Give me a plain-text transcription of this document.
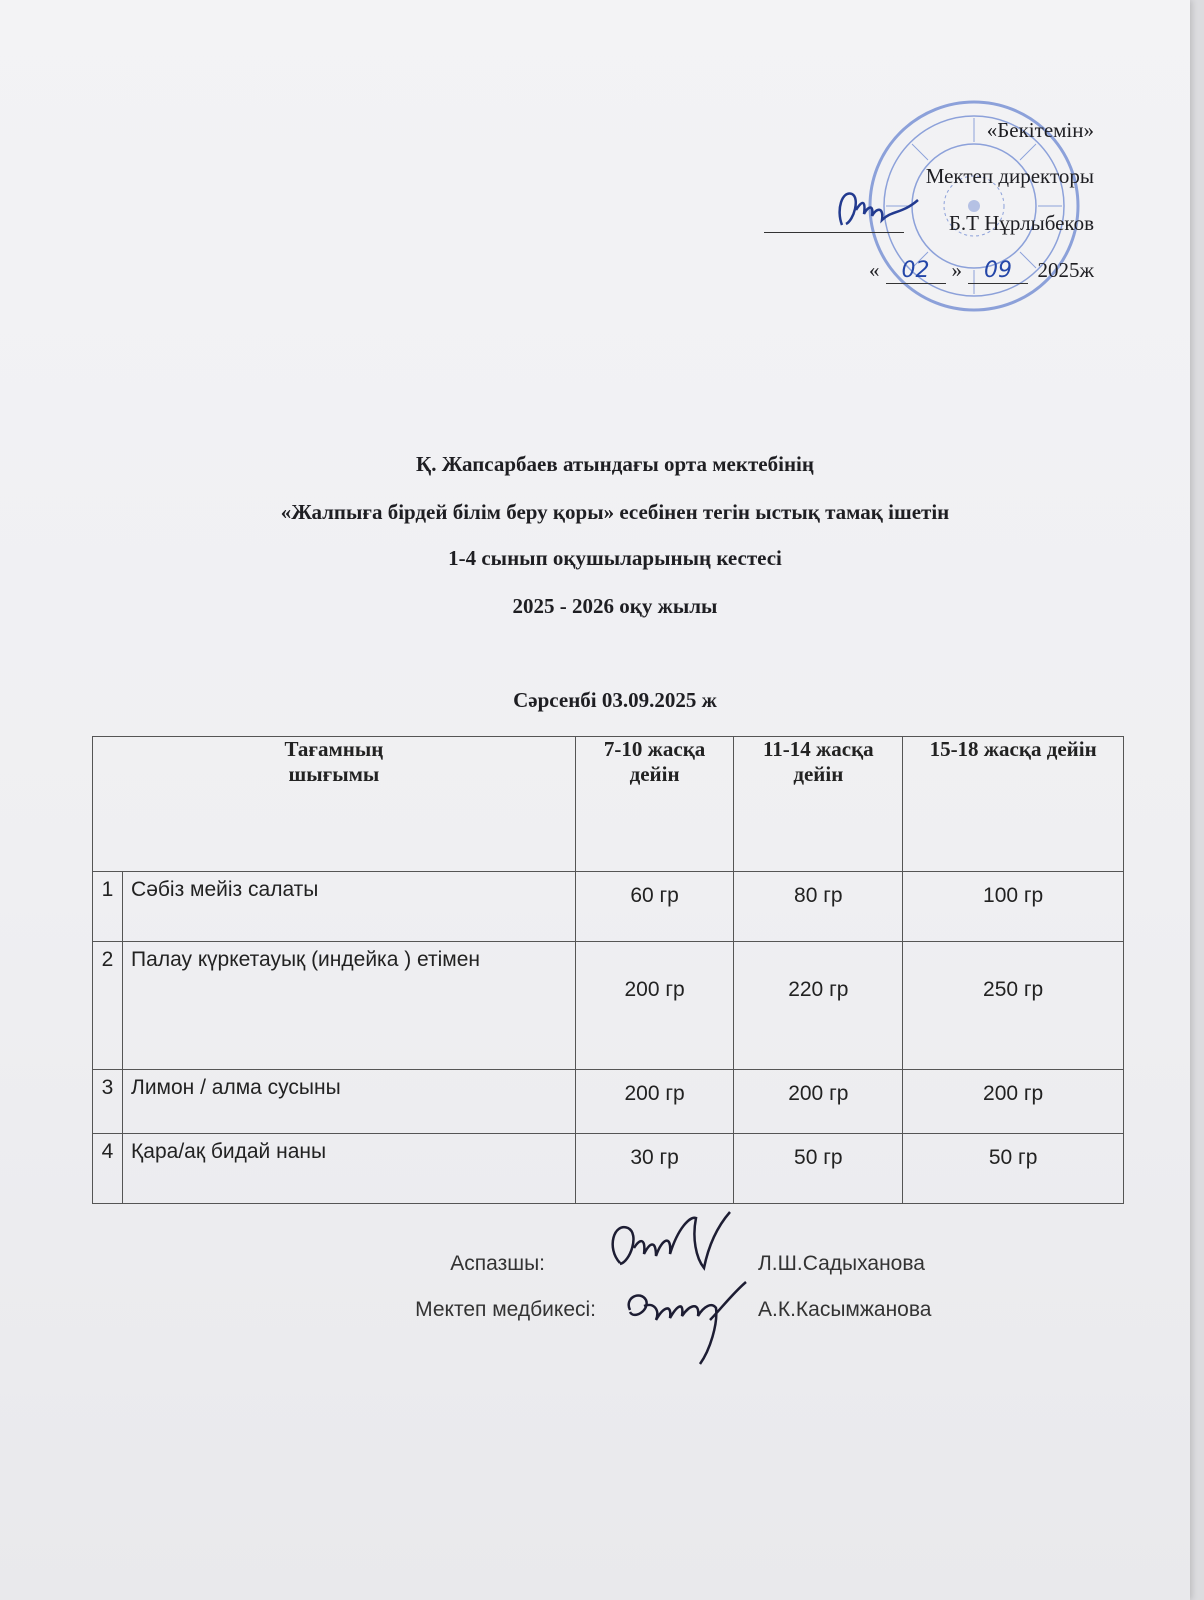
«Бекітемін»
Мектеп директоры
Б.Т Нұрлыбеков
«	02	»	09	2025ж
Қ. Жапсарбаев атындағы орта мектебінің
«Жалпыға бірдей білім беру қоры» есебінен тегін ыстық тамақ ішетін
1-4 сынып оқушыларының кестесі
2025 - 2026 оқу жылы
Сәрсенбі 03.09.2025 ж
Тағамның
шығымы		7-10 жасқа дейін	11-14 жасқа дейін	15-18 жасқа дейін
1	Сәбіз мейіз салаты	60 гр	80 гр	100 гр
2	Палау күркетауық (индейка ) етімен	200 гр	220 гр	250 гр
3	Лимон / алма сусыны	200 гр	200 гр	200 гр
4	Қара/ақ бидай наны	30 гр	50 гр	50 гр
Аспазшы:
Мектеп медбикесі:
Л.Ш.Садыханова
А.К.Касымжанова
